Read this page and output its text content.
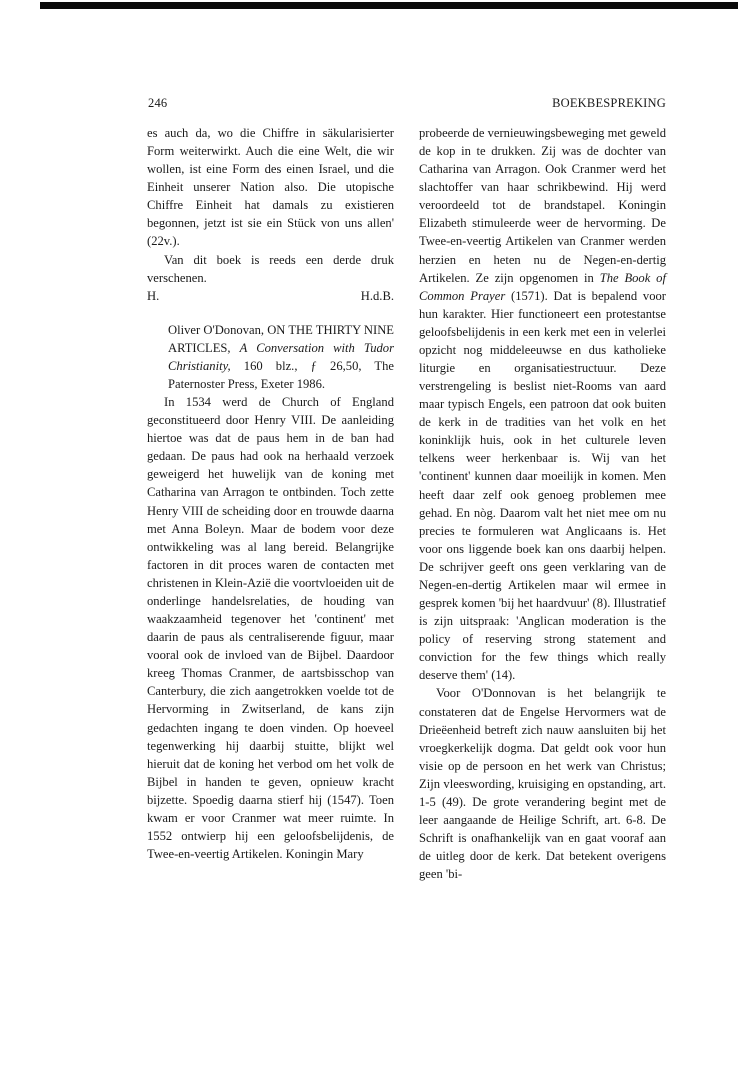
246	BOEKBESPREKING

es auch da, wo die Chiffre in säkularisierter Form weiterwirkt. Auch die eine Welt, die wir wollen, ist eine Form des einen Israel, und die Einheit unserer Nation also. Die utopische Chiffre Einheit hat damals zu existieren begonnen, jetzt ist sie ein Stück von uns allen' (22v.).

Van dit boek is reeds een derde druk verschenen.

H.	H.d.B.

Oliver O'Donovan, ON THE THIRTY NINE ARTICLES, A Conversation with Tudor Christianity, 160 blz., ƒ 26,50, The Paternoster Press, Exeter 1986.

In 1534 werd de Church of England geconstitueerd door Henry VIII. De aanleiding hiertoe was dat de paus hem in de ban had gedaan. De paus had ook na herhaald verzoek geweigerd het huwelijk van de koning met Catharina van Arragon te ontbinden. Toch zette Henry VIII de scheiding door en trouwde daarna met Anna Boleyn. Maar de bodem voor deze ontwikkeling was al lang bereid. Belangrijke factoren in dit proces waren de contacten met christenen in Klein-Azië die voortvloeiden uit de onderlinge handelsrelaties, de houding van waakzaamheid tegenover het 'continent' met daarin de paus als centraliserende figuur, maar vooral ook de invloed van de Bijbel. Daardoor kreeg Thomas Cranmer, de aartsbisschop van Canterbury, die zich aangetrokken voelde tot de Hervorming in Zwitserland, de kans zijn gedachten ingang te doen vinden. Op hoeveel tegenwerking hij daarbij stuitte, blijkt wel hieruit dat de koning het verbod om het volk de Bijbel in handen te geven, opnieuw kracht bijzette. Spoedig daarna stierf hij (1547). Toen kwam er voor Cranmer wat meer ruimte. In 1552 ontwierp hij een geloofsbelijdenis, de Twee-en-veertig Artikelen. Koningin Mary

probeerde de vernieuwingsbeweging met geweld de kop in te drukken. Zij was de dochter van Catharina van Arragon. Ook Cranmer werd het slachtoffer van haar schrikbewind. Hij werd veroordeeld tot de brandstapel. Koningin Elizabeth stimuleerde weer de hervorming. De Twee-en-veertig Artikelen van Cranmer werden herzien en heten nu de Negen-en-dertig Artikelen. Ze zijn opgenomen in The Book of Common Prayer (1571). Dat is bepalend voor hun karakter. Hier functioneert een protestantse geloofsbelijdenis in een kerk met een in velerlei opzicht nog middeleeuwse en dus katholieke liturgie en organisatiestructuur. Deze verstrengeling is beslist niet-Rooms van aard maar typisch Engels, een patroon dat ook buiten de kerk in de tradities van het volk en het koninklijk huis, ook in het culturele leven telkens weer herkenbaar is. Wij van het 'continent' kunnen daar moeilijk in komen. Men heeft daar zelf ook genoeg problemen mee gehad. En nòg. Daarom valt het niet mee om nu precies te formuleren wat Anglicaans is. Het voor ons liggende boek kan ons daarbij helpen. De schrijver geeft ons geen verklaring van de Negen-en-dertig Artikelen maar wil ermee in gesprek komen 'bij het haardvuur' (8). Illustratief is zijn uitspraak: 'Anglican moderation is the policy of reserving strong statement and conviction for the few things which really deserve them' (14).

Voor O'Donnovan is het belangrijk te constateren dat de Engelse Hervormers wat de Drieëenheid betreft zich nauw aansluiten bij het vroegkerkelijk dogma. Dat geldt ook voor hun visie op de persoon en het werk van Christus; Zijn vleeswording, kruisiging en opstanding, art. 1-5 (49). De grote verandering begint met de leer aangaande de Heilige Schrift, art. 6-8. De Schrift is onafhankelijk van en gaat vooraf aan de uitleg door de kerk. Dat betekent overigens geen 'bi-
